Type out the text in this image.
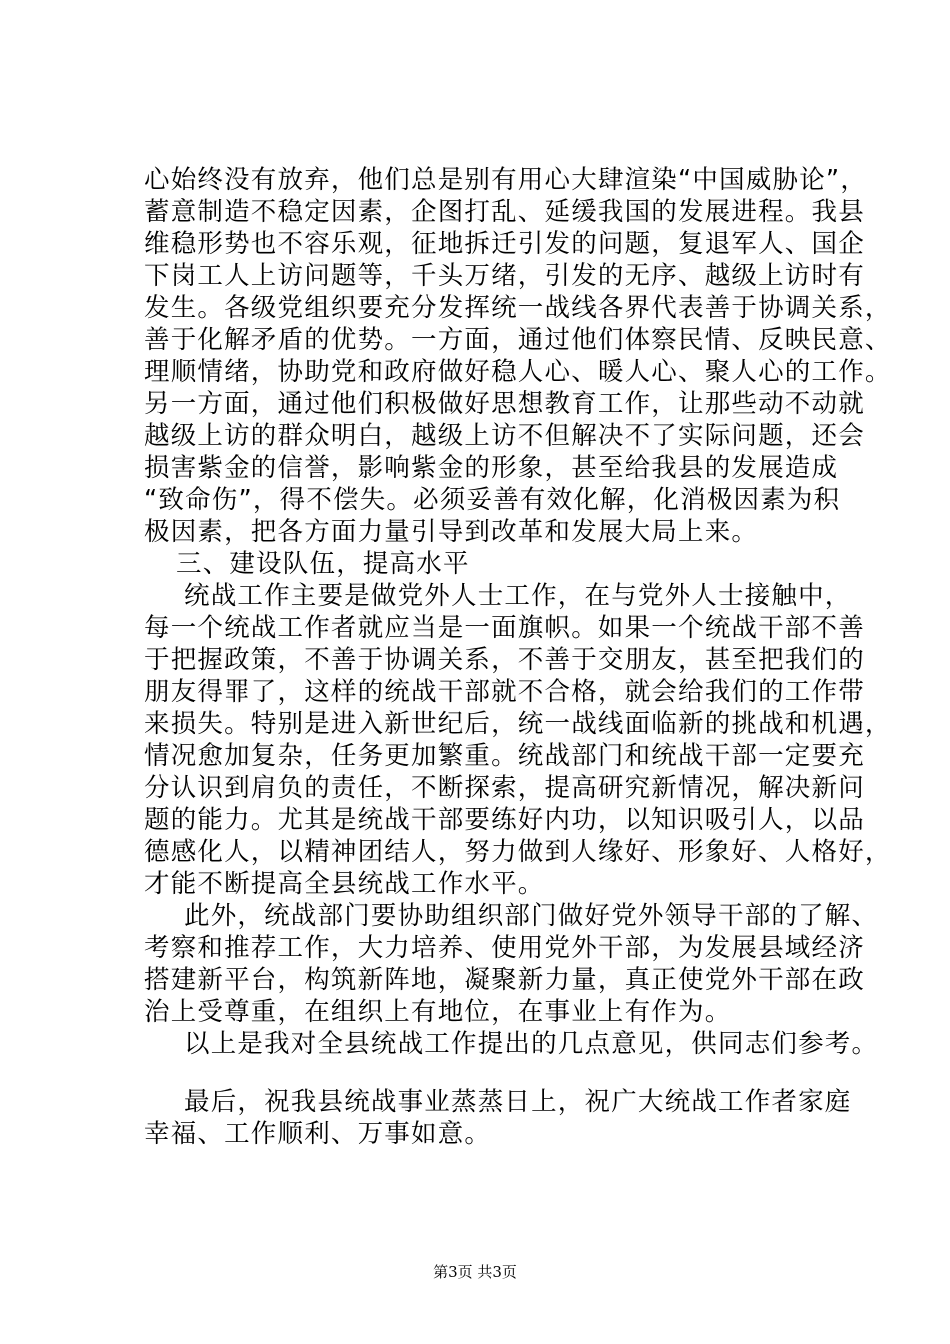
心始终没有放弃，他们总是别有用心大肆渲染“中国威胁论”，
蓄意制造不稳定因素，企图打乱、延缓我国的发展进程。我县
维稳形势也不容乐观，征地拆迁引发的问题，复退军人、国企
下岗工人上访问题等，千头万绪，引发的无序、越级上访时有
发生。各级党组织要充分发挥统一战线各界代表善于协调关系，
善于化解矛盾的优势。一方面，通过他们体察民情、反映民意、
理顺情绪，协助党和政府做好稳人心、暖人心、聚人心的工作。
另一方面，通过他们积极做好思想教育工作，让那些动不动就
越级上访的群众明白，越级上访不但解决不了实际问题，还会
损害紫金的信誉，影响紫金的形象，甚至给我县的发展造成
“致命伤”，得不偿失。必须妥善有效化解，化消极因素为积
极因素，把各方面力量引导到改革和发展大局上来。
三、建设队伍，提高水平
统战工作主要是做党外人士工作，在与党外人士接触中，
每一个统战工作者就应当是一面旗帜。如果一个统战干部不善
于把握政策，不善于协调关系，不善于交朋友，甚至把我们的
朋友得罪了，这样的统战干部就不合格，就会给我们的工作带
来损失。特别是进入新世纪后，统一战线面临新的挑战和机遇，
情况愈加复杂，任务更加繁重。统战部门和统战干部一定要充
分认识到肩负的责任，不断探索，提高研究新情况，解决新问
题的能力。尤其是统战干部要练好内功，以知识吸引人，以品
德感化人，以精神团结人，努力做到人缘好、形象好、人格好，
才能不断提高全县统战工作水平。
此外，统战部门要协助组织部门做好党外领导干部的了解、
考察和推荐工作，大力培养、使用党外干部，为发展县域经济
搭建新平台，构筑新阵地，凝聚新力量，真正使党外干部在政
治上受尊重，在组织上有地位，在事业上有作为。
以上是我对全县统战工作提出的几点意见，供同志们参考。
最后，祝我县统战事业蒸蒸日上，祝广大统战工作者家庭
幸福、工作顺利、万事如意。
第3页 共3页
